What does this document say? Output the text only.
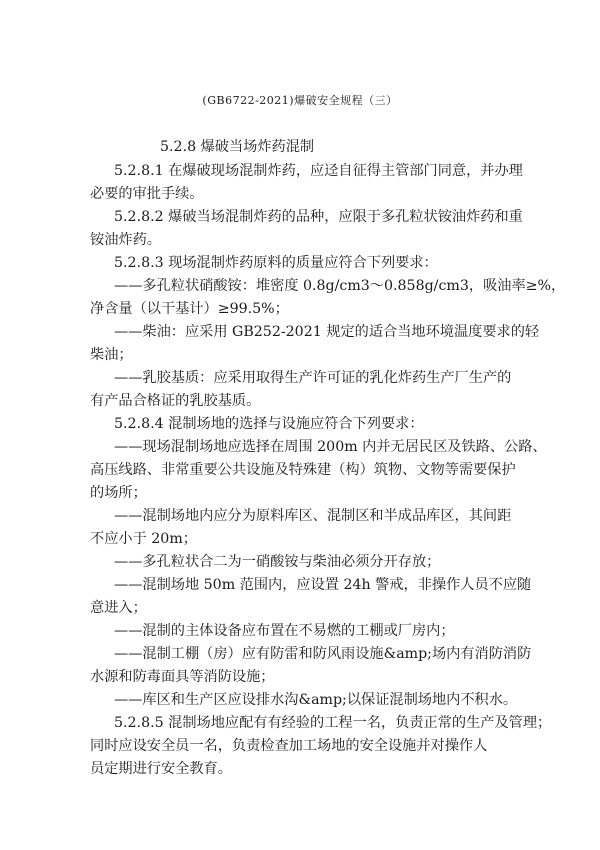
(GB6722-2021)爆破安全规程（三）
5.2.8 爆破当场炸药混制
5.2.8.1 在爆破现场混制炸药，应迳自征得主管部门同意，并办理
必要的审批手续。
5.2.8.2 爆破当场混制炸药的品种，应限于多孔粒状铵油炸药和重
铵油炸药。
5.2.8.3 现场混制炸药原料的质量应符合下列要求：
——多孔粒状硝酸铵：堆密度 0.8g/cm3～0.858g/cm3，吸油率≥%，
净含量（以干基计）≥99.5%；
——柴油：应采用 GB252-2021 规定的适合当地环境温度要求的轻
柴油；
——乳胶基质：应采用取得生产许可证的乳化炸药生产厂生产的
有产品合格证的乳胶基质。
5.2.8.4 混制场地的选择与设施应符合下列要求：
——现场混制场地应选择在周围 200m 内并无居民区及铁路、公路、
高压线路、非常重要公共设施及特殊建（构）筑物、文物等需要保护
的场所；
——混制场地内应分为原料库区、混制区和半成品库区，其间距
不应小于 20m；
——多孔粒状合二为一硝酸铵与柴油必须分开存放；
——混制场地 50m 范围内，应设置 24h 警戒，非操作人员不应随
意进入；
——混制的主体设备应布置在不易燃的工棚或厂房内；
——混制工棚（房）应有防雷和防风雨设施&amp;场内有消防消防
水源和防毒面具等消防设施；
——库区和生产区应设排水沟&amp;以保证混制场地内不积水。
5.2.8.5 混制场地应配有有经验的工程一名，负责正常的生产及管理；
同时应设安全员一名，负责检查加工场地的安全设施并对操作人
员定期进行安全教育。
